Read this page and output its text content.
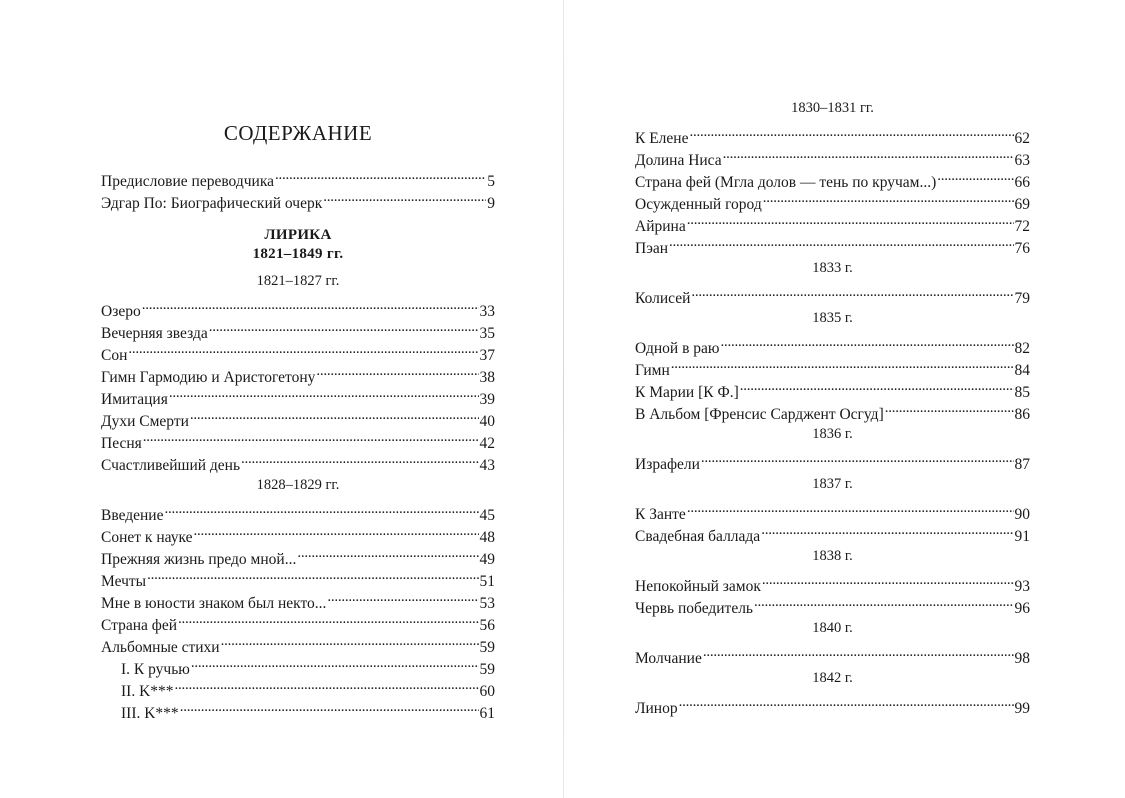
СОДЕРЖАНИЕ
Предисловие переводчика . . .	5
Эдгар По: Биографический очерк . . .	9
ЛИРИКА
1821–1849 гг.
1821–1827 гг.
Озеро . . .	33
Вечерняя звезда . . .	35
Сон . . .	37
Гимн Гармодию и Аристогетону . . .	38
Имитация . . .	39
Духи Смерти . . .	40
Песня . . .	42
Счастливейший день . . .	43
1828–1829 гг.
Введение . . .	45
Сонет к науке . . .	48
Прежняя жизнь предо мной... . . .	49
Мечты . . .	51
Мне в юности знаком был некто... . . .	53
Страна фей . . .	56
Альбомные стихи . . .	59
I. К ручью . . .	59
II. K*** . . .	60
III. K*** . . .	61
1830–1831 гг.
К Елене . . .	62
Долина Ниса . . .	63
Страна фей (Мгла долов — тень по кручам...) . . .	66
Осужденный город . . .	69
Айрина . . .	72
Пэан . . .	76
1833 г.
Колисей . . .	79
1835 г.
Одной в раю . . .	82
Гимн . . .	84
К Марии [К Ф.] . . .	85
В Альбом [Френсис Сарджент Осгуд] . . .	86
1836 г.
Израфели . . .	87
1837 г.
К Занте . . .	90
Свадебная баллада . . .	91
1838 г.
Непокойный замок . . .	93
Червь победитель . . .	96
1840 г.
Молчание . . .	98
1842 г.
Линор . . .	99
